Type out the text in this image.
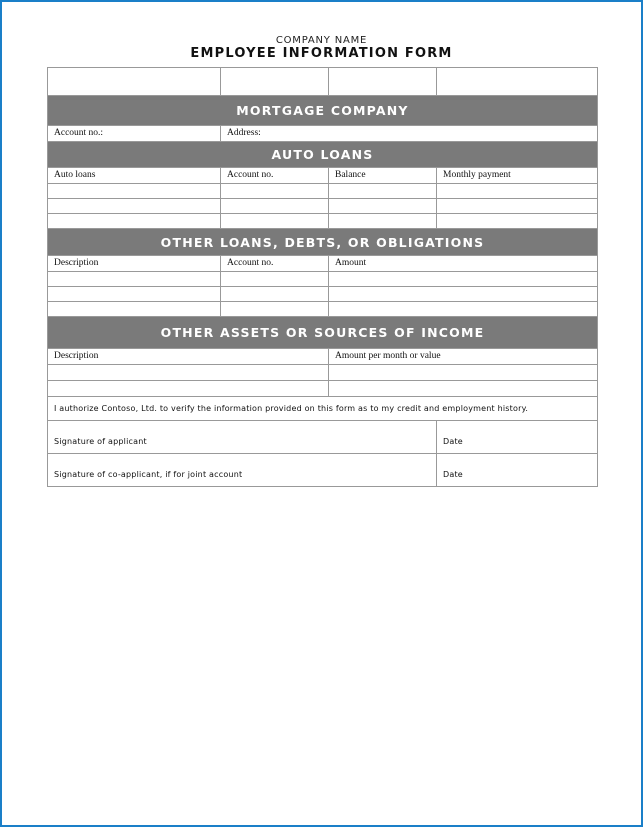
COMPANY NAME
EMPLOYEE INFORMATION FORM
MORTGAGE COMPANY
Account no.:	Address:
AUTO LOANS
Auto loans	Account no.	Balance	Monthly payment
OTHER LOANS, DEBTS, OR OBLIGATIONS
Description	Account no.	Amount
OTHER ASSETS OR SOURCES OF INCOME
Description	Amount per month or value
I authorize Contoso, Ltd. to verify the information provided on this form as to my credit and employment history.
Signature of applicant	Date
Signature of co-applicant, if for joint account	Date
